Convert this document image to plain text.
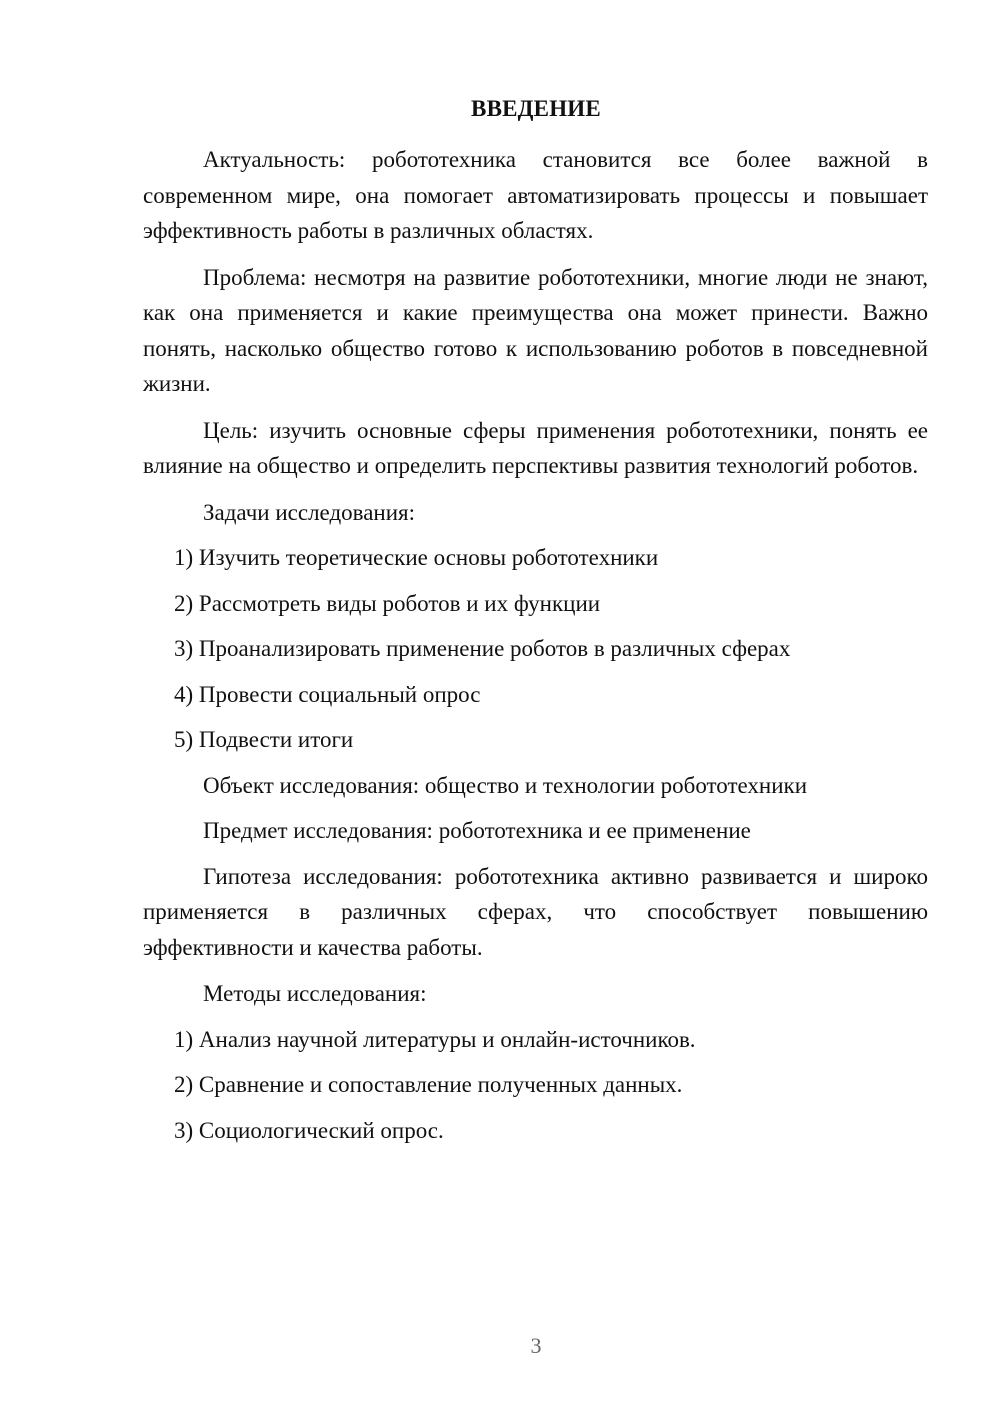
ВВЕДЕНИЕ

Актуальность: робототехника становится все более важной в современном мире, она помогает автоматизировать процессы и повышает эффективность работы в различных областях.

Проблема: несмотря на развитие робототехники, многие люди не знают, как она применяется и какие преимущества она может принести. Важно понять, насколько общество готово к использованию роботов в повседневной жизни.

Цель: изучить основные сферы применения робототехники, понять ее влияние на общество и определить перспективы развития технологий роботов.

Задачи исследования:

1) Изучить теоретические основы робототехники

2) Рассмотреть виды роботов и их функции

3) Проанализировать применение роботов в различных сферах

4) Провести социальный опрос

5) Подвести итоги

Объект исследования: общество и технологии робототехники

Предмет исследования: робототехника и ее применение

Гипотеза исследования: робототехника активно развивается и широко применяется в различных сферах, что способствует повышению эффективности и качества работы.

Методы исследования:

1) Анализ научной литературы и онлайн-источников.

2) Сравнение и сопоставление полученных данных.

3) Социологический опрос.

3
